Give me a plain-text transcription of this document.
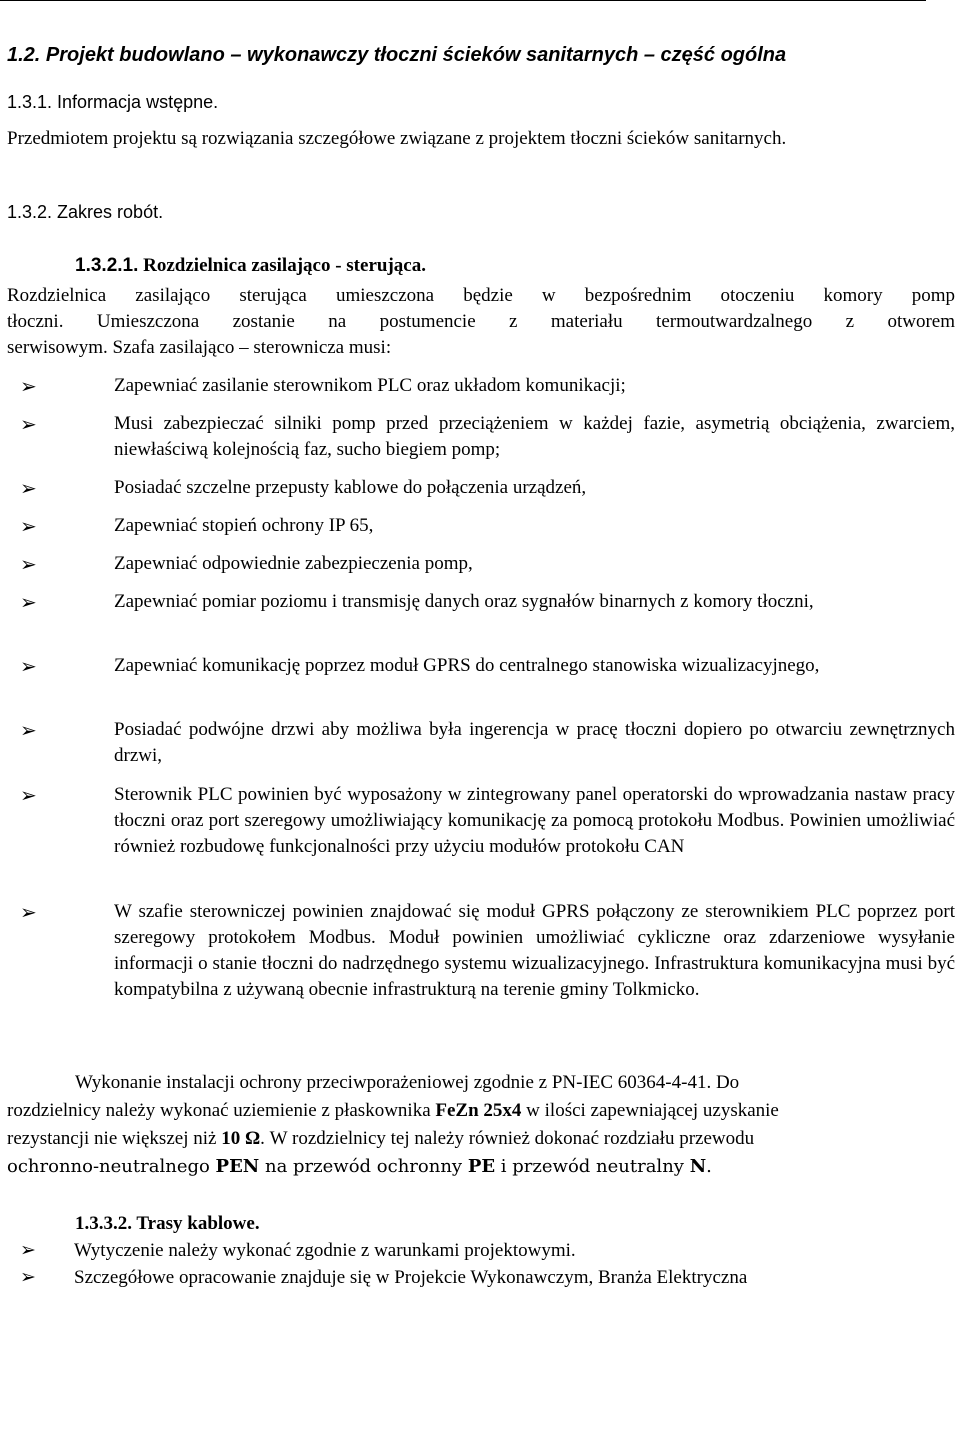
1.2. Projekt budowlano – wykonawczy tłoczni ścieków sanitarnych – część ogólna
1.3.1. Informacja wstępne.
Przedmiotem projektu są rozwiązania szczegółowe związane z projektem tłoczni ścieków sanitarnych.
1.3.2. Zakres robót.
1.3.2.1. Rozdzielnica zasilająco - sterująca.
Rozdzielnica zasilająco sterująca umieszczona będzie w bezpośrednim otoczeniu komory pomp
tłoczni. Umieszczona zostanie na postumencie z materiału termoutwardzalnego z otworem
serwisowym. Szafa zasilająco – sterownicza musi:
➢	Zapewniać zasilanie sterownikom PLC oraz układom komunikacji;
➢	Musi zabezpieczać silniki pomp przed przeciążeniem w każdej fazie, asymetrią obciążenia, zwarciem, niewłaściwą kolejnością faz, sucho biegiem pomp;
➢	Posiadać szczelne przepusty kablowe do połączenia urządzeń,
➢	Zapewniać stopień ochrony IP 65,
➢	Zapewniać odpowiednie zabezpieczenia pomp,
➢	Zapewniać pomiar poziomu i transmisję danych oraz sygnałów binarnych z komory tłoczni,
➢	Zapewniać komunikację poprzez moduł GPRS do centralnego stanowiska wizualizacyjnego,
➢	Posiadać podwójne drzwi aby możliwa była ingerencja w pracę tłoczni dopiero po otwarciu zewnętrznych drzwi,
➢	Sterownik PLC powinien być wyposażony w zintegrowany panel operatorski do wprowadzania nastaw pracy tłoczni oraz port szeregowy umożliwiający komunikację za pomocą protokołu Modbus. Powinien umożliwiać również rozbudowę funkcjonalności przy użyciu modułów protokołu CAN
➢	W szafie sterowniczej powinien znajdować się moduł GPRS połączony ze sterownikiem PLC poprzez port szeregowy protokołem Modbus. Moduł powinien umożliwiać cykliczne oraz zdarzeniowe wysyłanie informacji o stanie tłoczni do nadrzędnego systemu wizualizacyjnego. Infrastruktura komunikacyjna musi być kompatybilna z używaną obecnie infrastrukturą na terenie gminy Tolkmicko.
Wykonanie instalacji ochrony przeciwporażeniowej zgodnie z PN-IEC 60364-4-41. Do
rozdzielnicy należy wykonać uziemienie z płaskownika FeZn 25x4 w ilości zapewniającej uzyskanie
rezystancji nie większej niż 10 Ω. W rozdzielnicy tej należy również dokonać rozdziału przewodu
ochronno-neutralnego PEN na przewód ochronny PE i przewód neutralny N.
1.3.3.2. Trasy kablowe.
➢ Wytyczenie należy wykonać zgodnie z warunkami projektowymi.
➢ Szczegółowe opracowanie znajduje się w Projekcie Wykonawczym, Branża Elektryczna
